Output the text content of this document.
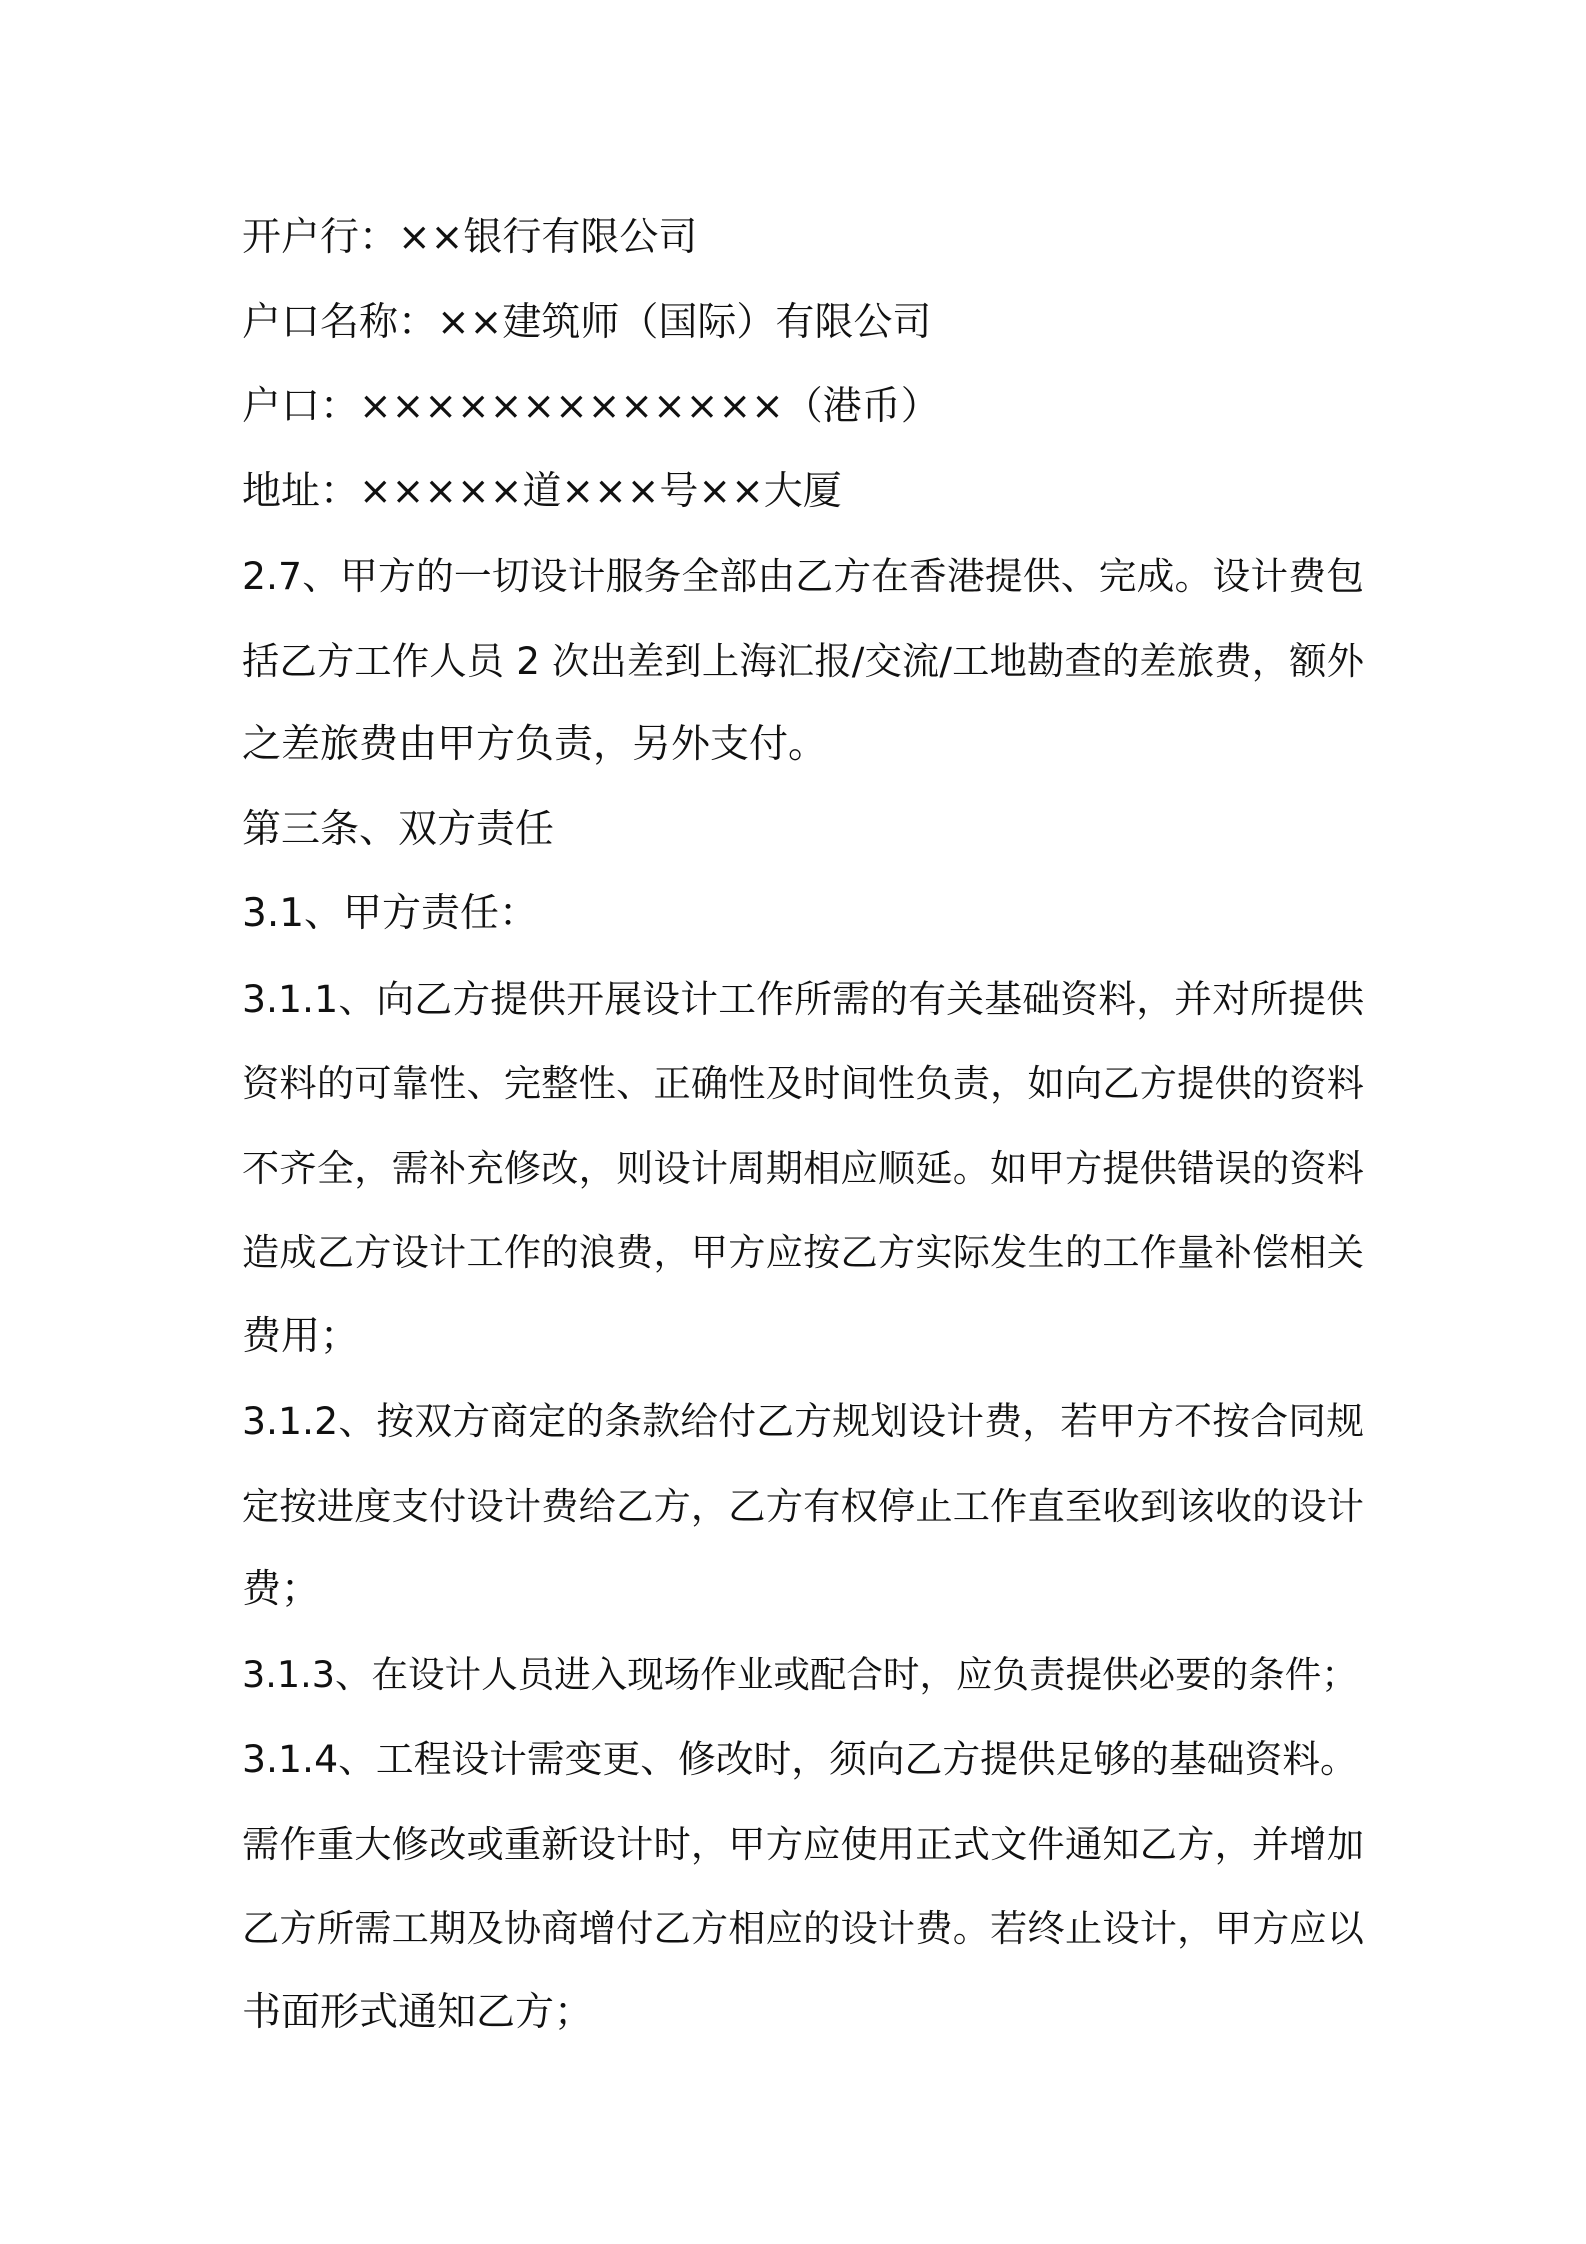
开户行：××银行有限公司
户口名称：××建筑师（国际）有限公司
户口：×××××××××××××（港币）
地址：×××××道×××号××大厦
2.7、甲方的一切设计服务全部由乙方在香港提供、完成。设计费包
括乙方工作人员 2 次出差到上海汇报/交流/工地勘查的差旅费，额外
之差旅费由甲方负责，另外支付。
第三条、双方责任
3.1、甲方责任：
3.1.1、向乙方提供开展设计工作所需的有关基础资料，并对所提供
资料的可靠性、完整性、正确性及时间性负责，如向乙方提供的资料
不齐全，需补充修改，则设计周期相应顺延。如甲方提供错误的资料
造成乙方设计工作的浪费，甲方应按乙方实际发生的工作量补偿相关
费用；
3.1.2、按双方商定的条款给付乙方规划设计费，若甲方不按合同规
定按进度支付设计费给乙方，乙方有权停止工作直至收到该收的设计
费；
3.1.3、在设计人员进入现场作业或配合时，应负责提供必要的条件；
3.1.4、工程设计需变更、修改时，须向乙方提供足够的基础资料。
需作重大修改或重新设计时，甲方应使用正式文件通知乙方，并增加
乙方所需工期及协商增付乙方相应的设计费。若终止设计，甲方应以
书面形式通知乙方；
